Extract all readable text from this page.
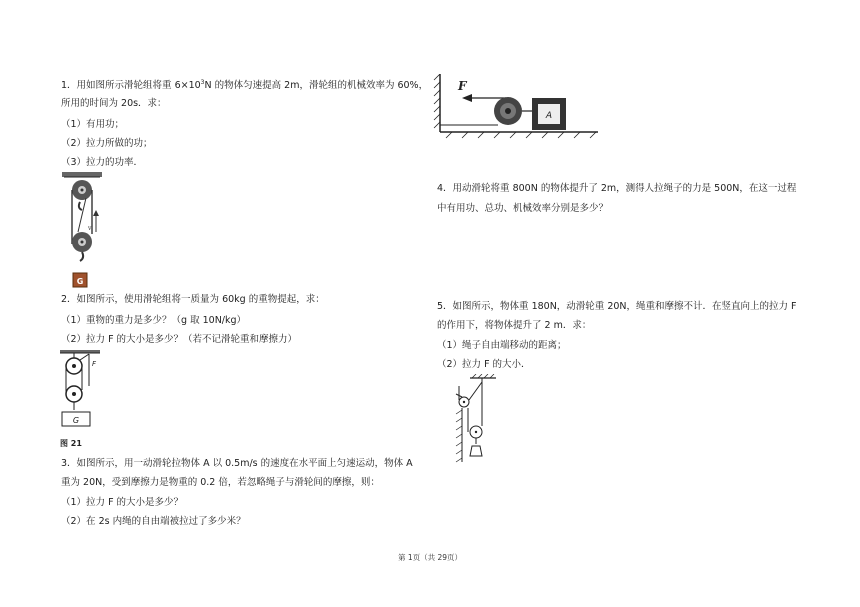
1．用如图所示滑轮组将重 $6\times 10^3N$ 的物体匀速提高 2m，滑轮组的机械效率为 60%，
所用的时间为 20s．求：
（1）有用功；
（2）拉力所做的功；
（3）拉力的功率．
v
G
2．如图所示，使用滑轮组将一质量为 60kg 的重物提起，求：
（1）重物的重力是多少？（g 取 10N/kg）
（2）拉力 F 的大小是多少？（若不记滑轮重和摩擦力）
F
G
图 21
3．如图所示，用一动滑轮拉物体 A 以 0.5m/s 的速度在水平面上匀速运动，物体 A
重为 20N，受到摩擦力是物重的 0.2 倍，若忽略绳子与滑轮间的摩擦，则：
（1）拉力 F 的大小是多少？
（2）在 2s 内绳的自由端被拉过了多少米？
F
A
4．用动滑轮将重 800N 的物体提升了 2m，测得人拉绳子的力是 500N，在这一过程
中有用功、总功、机械效率分别是多少？
5．如图所示，物体重 180N，动滑轮重 20N，绳重和摩擦不计．在竖直向上的拉力 F
的作用下，将物体提升了 2 m．求：
（1）绳子自由端移动的距离；
（2）拉力 F 的大小．
第 1页（共 29页）
